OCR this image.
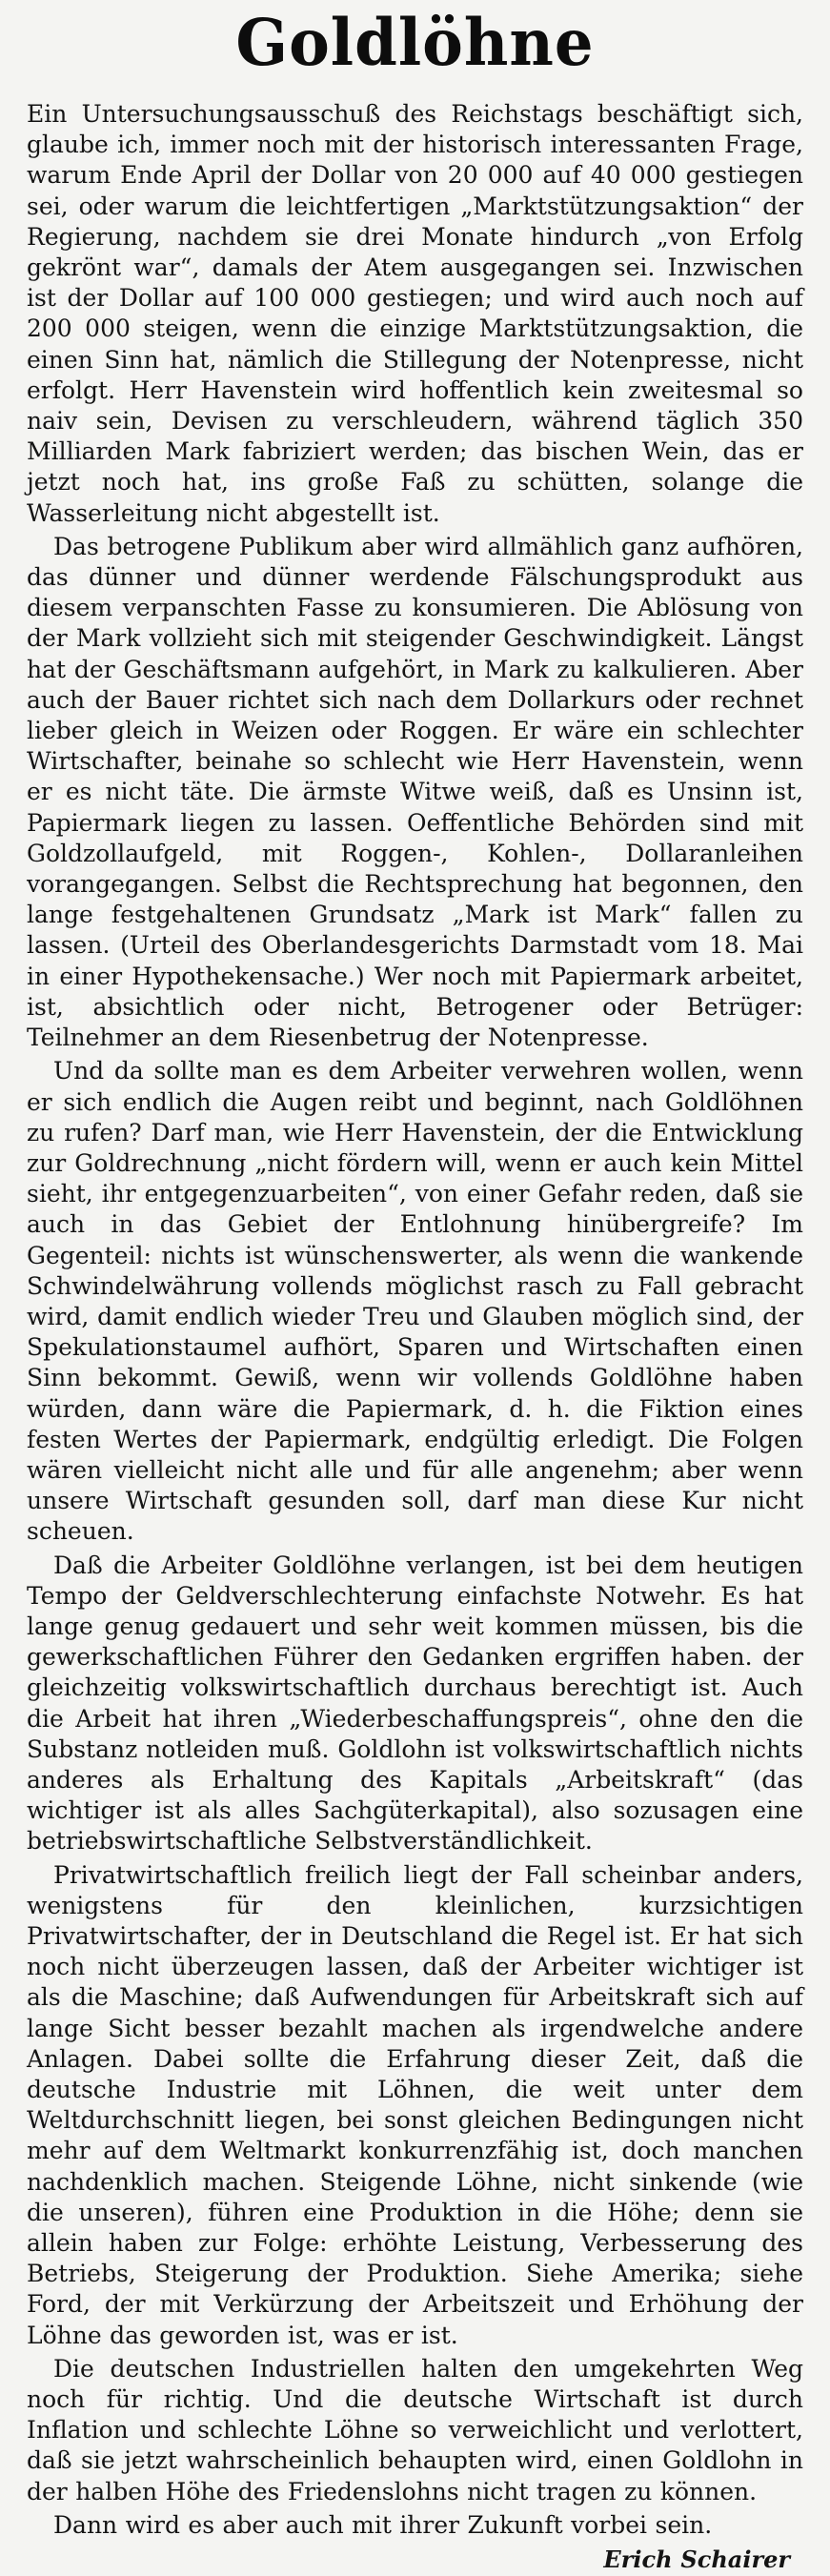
Goldlöhne

Ein Untersuchungsausschuß des Reichstags beschäftigt sich, glaube ich, immer noch mit der historisch interessanten Frage, warum Ende April der Dollar von 20 000 auf 40 000 gestiegen sei, oder warum die leichtfertigen „Marktstützungsaktion“ der Regierung, nachdem sie drei Monate hindurch „von Erfolg gekrönt war“, damals der Atem ausgegangen sei. Inzwischen ist der Dollar auf 100 000 gestiegen; und wird auch noch auf 200 000 steigen, wenn die einzige Marktstützungsaktion, die einen Sinn hat, nämlich die Stillegung der Notenpresse, nicht erfolgt. Herr Havenstein wird hoffentlich kein zweitesmal so naiv sein, Devisen zu verschleudern, während täglich 350 Milliarden Mark fabriziert werden; das bischen Wein, das er jetzt noch hat, ins große Faß zu schütten, solange die Wasserleitung nicht abgestellt ist.

Das betrogene Publikum aber wird allmählich ganz aufhören, das dünner und dünner werdende Fälschungsprodukt aus diesem verpanschten Fasse zu konsumieren. Die Ablösung von der Mark vollzieht sich mit steigender Geschwindigkeit. Längst hat der Geschäftsmann aufgehört, in Mark zu kalkulieren. Aber auch der Bauer richtet sich nach dem Dollarkurs oder rechnet lieber gleich in Weizen oder Roggen. Er wäre ein schlechter Wirtschafter, beinahe so schlecht wie Herr Havenstein, wenn er es nicht täte. Die ärmste Witwe weiß, daß es Unsinn ist, Papiermark liegen zu lassen. Oeffentliche Behörden sind mit Goldzollaufgeld, mit Roggen-, Kohlen-, Dollaranleihen vorangegangen. Selbst die Rechtsprechung hat begonnen, den lange festgehaltenen Grundsatz „Mark ist Mark“ fallen zu lassen. (Urteil des Oberlandesgerichts Darmstadt vom 18. Mai in einer Hypothekensache.) Wer noch mit Papiermark arbeitet, ist, absichtlich oder nicht, Betrogener oder Betrüger: Teilnehmer an dem Riesenbetrug der Notenpresse.

Und da sollte man es dem Arbeiter verwehren wollen, wenn er sich endlich die Augen reibt und beginnt, nach Goldlöhnen zu rufen? Darf man, wie Herr Havenstein, der die Entwicklung zur Goldrechnung „nicht fördern will, wenn er auch kein Mittel sieht, ihr entgegenzuarbeiten“, von einer Gefahr reden, daß sie auch in das Gebiet der Entlohnung hinübergreife? Im Gegenteil: nichts ist wünschenswerter, als wenn die wankende Schwindelwährung vollends möglichst rasch zu Fall gebracht wird, damit endlich wieder Treu und Glauben möglich sind, der Spekulationstaumel aufhört, Sparen und Wirtschaften einen Sinn bekommt. Gewiß, wenn wir vollends Goldlöhne haben würden, dann wäre die Papiermark, d. h. die Fiktion eines festen Wertes der Papiermark, endgültig erledigt. Die Folgen wären vielleicht nicht alle und für alle angenehm; aber wenn unsere Wirtschaft gesunden soll, darf man diese Kur nicht scheuen.

Daß die Arbeiter Goldlöhne verlangen, ist bei dem heutigen Tempo der Geldverschlechterung einfachste Notwehr. Es hat lange genug gedauert und sehr weit kommen müssen, bis die gewerkschaftlichen Führer den Gedanken ergriffen haben. der gleichzeitig volkswirtschaftlich durchaus berechtigt ist. Auch die Arbeit hat ihren „Wiederbeschaffungspreis“, ohne den die Substanz notleiden muß. Goldlohn ist volkswirtschaftlich nichts anderes als Erhaltung des Kapitals „Arbeitskraft“ (das wichtiger ist als alles Sachgüterkapital), also sozusagen eine betriebswirtschaftliche Selbstverständlichkeit.

Privatwirtschaftlich freilich liegt der Fall scheinbar anders, wenigstens für den kleinlichen, kurzsichtigen Privatwirtschafter, der in Deutschland die Regel ist. Er hat sich noch nicht überzeugen lassen, daß der Arbeiter wichtiger ist als die Maschine; daß Aufwendungen für Arbeitskraft sich auf lange Sicht besser bezahlt machen als irgendwelche andere Anlagen. Dabei sollte die Erfahrung dieser Zeit, daß die deutsche Industrie mit Löhnen, die weit unter dem Weltdurchschnitt liegen, bei sonst gleichen Bedingungen nicht mehr auf dem Weltmarkt konkurrenzfähig ist, doch manchen nachdenklich machen. Steigende Löhne, nicht sinkende (wie die unseren), führen eine Produktion in die Höhe; denn sie allein haben zur Folge: erhöhte Leistung, Verbesserung des Betriebs, Steigerung der Produktion. Siehe Amerika; siehe Ford, der mit Verkürzung der Arbeitszeit und Erhöhung der Löhne das geworden ist, was er ist.

Die deutschen Industriellen halten den umgekehrten Weg noch für richtig. Und die deutsche Wirtschaft ist durch Inflation und schlechte Löhne so verweichlicht und verlottert, daß sie jetzt wahrscheinlich behaupten wird, einen Goldlohn in der halben Höhe des Friedenslohns nicht tragen zu können.

Dann wird es aber auch mit ihrer Zukunft vorbei sein.

Erich Schairer
